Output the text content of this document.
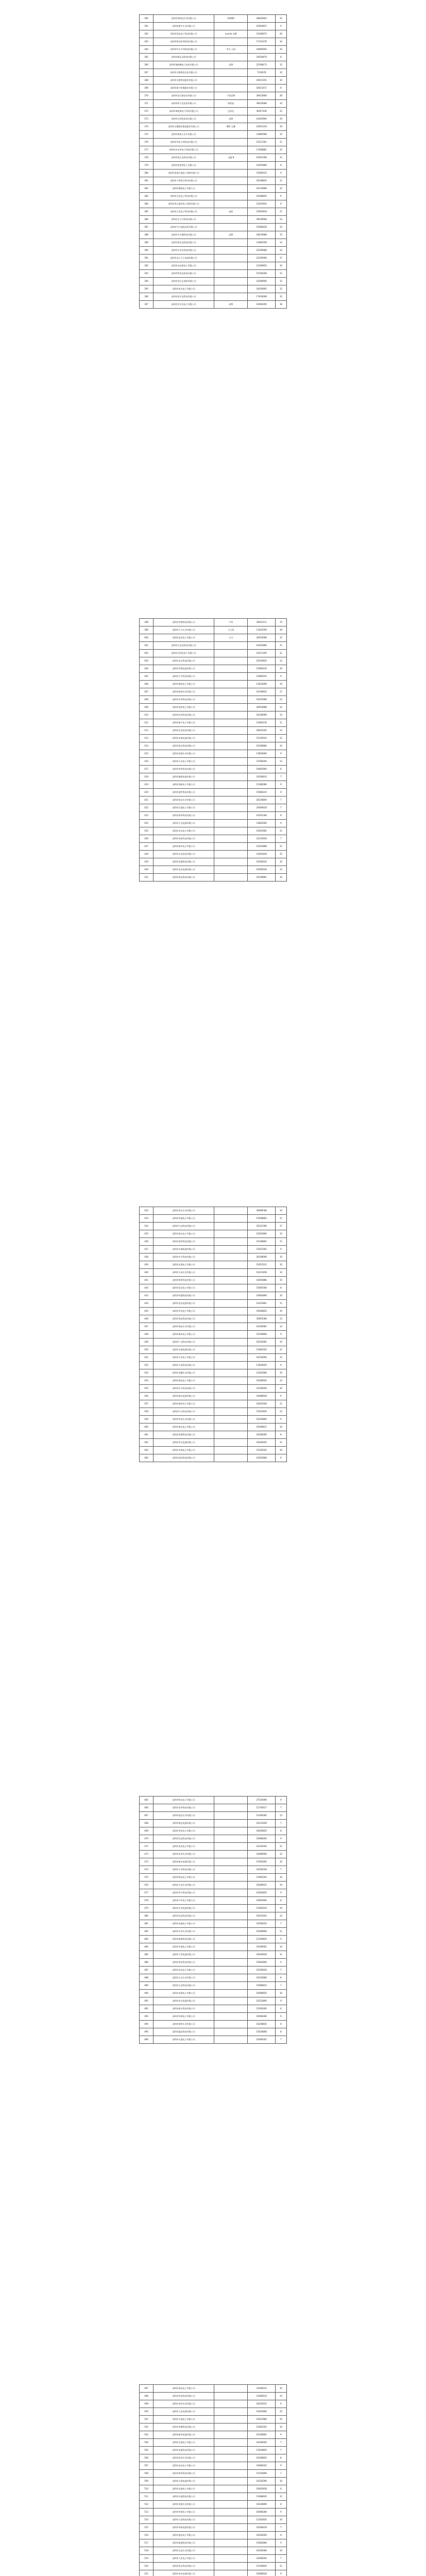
360	深圳市海利达实业有限公司	ASHER	28604963	15
361	深圳市雅宇实业有限公司		20584827	9
362	深圳市国宏电子科技有限公司	aurelia 品牌	21048070	20
363	深圳市辉宝时尚科技有限公司		17243378	10
364	深圳市华太平洋科技有限公司	华太 九洲	16806693	10
365	深圳市雅仕达科技有限公司		20630879	8
366	深圳市瑞纳德电子技术有限公司	品牌	22268473	15
367	深圳市吉联影视文化有限公司		7316678	10
368	深圳市吉联科技股份有限公司		10615351	10
369	深圳市新兴传媒股份有限公司		18613572	8
370	深圳市深大新技术有限公司	千家品牌	36022806	28
371	深圳市特力达贸易有限公司	铭科技	36035686	33
372	深圳市瑞恒康电子科技有限公司	巴洛克	36027446	33
373	深圳市宝利佳贸易有限公司	品牌	16405994	19
374	深圳市宝鹰建设集团股份有限公司	SBC 宝鹰	16655339	19
375	深圳市海欣天木头有限公司		13885968	15
376	深圳市华安天成科技有限公司		16211361	11
377	深圳市东宏华电子科技有限公司		17608881	12
378	深圳市海天达科技有限公司	宝龍 B	16505398	11
379	深圳市富安特化工有限公司		16295880	8
380	深圳市思迪天地电子商务有限公司		15698120	9
381	深圳市大华联合科技有限公司		26198830	11
382	深圳市德扬电子有限公司		16210889	10
383	深圳市百佳电子科技有限公司		24408856	9
384	深圳市鸿天盛世电子商务有限公司		21620630	9
385	深圳市天灵电子科技有限公司	高新	25856918	11
386	深圳市宝立兴科技有限公司		36036668	14
387	深圳市中兴国际投资有限公司		25686628	10
388	深圳市中百城科技有限公司	品牌	18619688	15
389	深圳市康宝达科技有限公司		11866198	12
390	深圳市中企宏科技有限公司		22186688	14
391	深圳市安心卫士电器有限公司		22260968	17
392	深圳市昌安源电子有限公司		21396850	10
393	深圳市特美达贸易有限公司		15196208	11
394	深圳市金百运商贸有限公司		16288906	12
395	深圳市星辰电子有限公司		16056895	15
396	深圳市富宇达科技有限公司		17626698	10
397	深圳市安可信电子有限公司	品牌	16066290	18
398	深圳市华联科技有限公司	中华	36022111	15
399	深圳市大大实业有限公司	大大兔	11643599	18
400	深圳市星辰电子有限公司	合丰	20619008	12
401	深圳市百信达科技有限公司		16262886	11
402	深圳市宝利达电子有限公司		16211200	11
403	深圳市美宝科技有限公司		16256820	12
404	深圳市华源电器有限公司		15668126	10
405	深圳市天宇科技有限公司		15896203	9
406	深圳市博达电子有限公司		13622698	10
407	深圳市联创实业有限公司		16198620	17
408	深圳市东华科技有限公司		16205968	12
409	深圳市佳和电子有限公司		36052888	12
410	深圳市伟业科技有限公司		16206696	13
411	深圳市新宇电子有限公司		15660218	11
412	深圳市宏达贸易有限公司		26620185	12
413	深圳市安康电器有限公司		15106520	12
414	深圳市海宝科技有限公司		16268880	14
415	深圳市金源实业有限公司		13826660	9
416	深圳市万达电子有限公司		12568206	13
417	深圳市荣华科技有限公司		16082960	8
418	深圳市鑫源电器有限公司		16266810	7
419	深圳市创新电子有限公司		15286089	9
420	深圳市盛世科技有限公司		15686229	9
421	深圳市恒达实业有限公司		26228800	7
422	深圳市百盛电子有限公司		25606628	7
423	深圳市嘉华科技有限公司		16202186	8
424	深圳市天龙电器有限公司		13862060	9
425	深圳市宝达电子有限公司		25065682	11
426	深圳市金星科技有限公司		23210028	7
427	深圳市新华电子有限公司		25262888	11
428	深圳市永达贸易有限公司		16281828	15
429	深圳市昌盛科技有限公司		16268226	10
430	深圳市美达电器有限公司		10606028	12
431	深圳市泰达科技有限公司		16228881	10
432	深圳市金宝实业有限公司		36088788	10
433	深圳市华盛电子有限公司		15608883	11
434	深圳市兴达科技有限公司		36221586	17
435	深圳市嘉宝电子有限公司		15825806	15
436	深圳市富华科技有限公司		22168892	11
437	深圳市长城电器有限公司		15625282	9
438	深圳市中天科技有限公司		26208068	10
439	深圳市宏源电子有限公司		25652222	10
440	深圳市天成实业有限公司		16221858	10
441	深圳市锦华科技有限公司		16056886	10
442	深圳市信达电子有限公司		15685068	8
443	深圳市和盛科技有限公司		16082896	10
444	深圳市金达电器有限公司		16222861	11
445	深圳市华龙电子有限公司		16068826	10
446	深圳市鸿达科技有限公司		36665588	13
447	深圳市瑞达实业有限公司		16258082	12
448	深圳市新星电子有限公司		15028868	9
449	深圳市广达科技有限公司		16202682	10
450	深圳市宝源电器有限公司		15685020	11
451	深圳市天华电子有限公司		16256606	12
452	深圳市大成科技有限公司		13626629	9
453	深圳市金鹏实业有限公司		12629280	10
454	深圳市福达电子有限公司		16286626	13
455	深圳市东方科技有限公司		15208266	10
456	深圳市联达电器有限公司		16088928	9
457	深圳市盛华电子有限公司		16620508	11
458	深圳市开元科技有限公司		15652829	12
459	深圳市华达实业有限公司		16226866	9
460	深圳市康达电子有限公司		25608812	10
461	深圳市恒源科技有限公司		16268285	8
462	深圳市华宝电器有限公司		16028265	11
463	深圳市光明电子有限公司		15206262	10
464	深圳市创达科技有限公司		16265868	9
465	深圳市科达电子有限公司		27530069	9
466	深圳市金华科技有限公司		15756617	7
467	深圳市富达实业有限公司		21266580	13
468	深圳市银达电器有限公司		16212628	7
469	深圳市华星电子有限公司		16026820	8
470	深圳市昌达科技有限公司		15688260	9
471	深圳市金龙电子有限公司		16226262	11
472	深圳市宏华实业有限公司		16086966	12
473	深圳市新达电器有限公司		15560266	10
474	深圳市万华科技有限公司		16206208	7
475	深圳市明达电子有限公司		13965262	10
476	深圳市天达实业有限公司		26280625	10
477	深圳市华丰科技有限公司		16282826	9
478	深圳市兴华电子有限公司		16065966	8
479	深圳市永华电器有限公司		15626226	10
480	深圳市佳达科技有限公司		16205262	12
481	深圳市金盛电子有限公司		16568226	7
482	深圳市宝华实业有限公司		16289868	11
483	深圳市新源科技有限公司		15209826	9
484	深圳市华通电子有限公司		16268062	10
485	深圳市大华电器有限公司		16026628	11
486	深圳市荣达科技有限公司		15682866	9
487	深圳市东达电子有限公司		16206628	7
488	深圳市天宝实业有限公司		16220686	8
489	深圳市合达科技有限公司		15688922	7
490	深圳市金源电子有限公司		16086826	10
491	深圳市宏达电器有限公司		16222866	9
492	深圳市新宝科技有限公司		15266282	8
493	深圳市华联电子有限公司		16068286	9
494	深圳市瑞华实业有限公司		16208826	8
495	深圳市鑫达科技有限公司		15620868	8
496	深圳市永盛电子有限公司		16286262	7
497	深圳市嘉达电子有限公司		21006023	10
498	深圳市华安科技有限公司		21066616	15
499	深圳市金宏实业有限公司		16229222	9
500	深圳市大达电器有限公司		16262866	15
501	深圳市天盛电子有限公司		16022686	10
502	深圳市华顺科技有限公司		15682262	10
503	深圳市新华电器有限公司		16206862	9
504	深圳市宝盛电子有限公司		16208266	7
505	深圳市金凯科技有限公司		15628826	7
506	深圳市恒华实业有限公司		16268826	8
507	深圳市安达电子有限公司		16086262	9
508	深圳市联华科技有限公司		15226868	7
509	深圳市万源电器有限公司		16226286	10
510	深圳市宏盛电子有限公司		16062828	8
511	深圳市东盛科技有限公司		15688626	11
512	深圳市金海实业有限公司		16228866	8
513	深圳市华泰电子有限公司		16086288	9
514	深圳市天信科技有限公司		15262826	10
515	深圳市华新电器有限公司		16268228	7
516	深圳市盛达电子有限公司		16028266	8
517	深圳市新盛科技有限公司		15682886	9
518	深圳市宝达实业有限公司		16206288	10
519	深圳市大宏电子有限公司		16288262	7
520	深圳市恒宝科技有限公司		15206826	11
521	深圳市华宏电器有限公司		16086628	9
